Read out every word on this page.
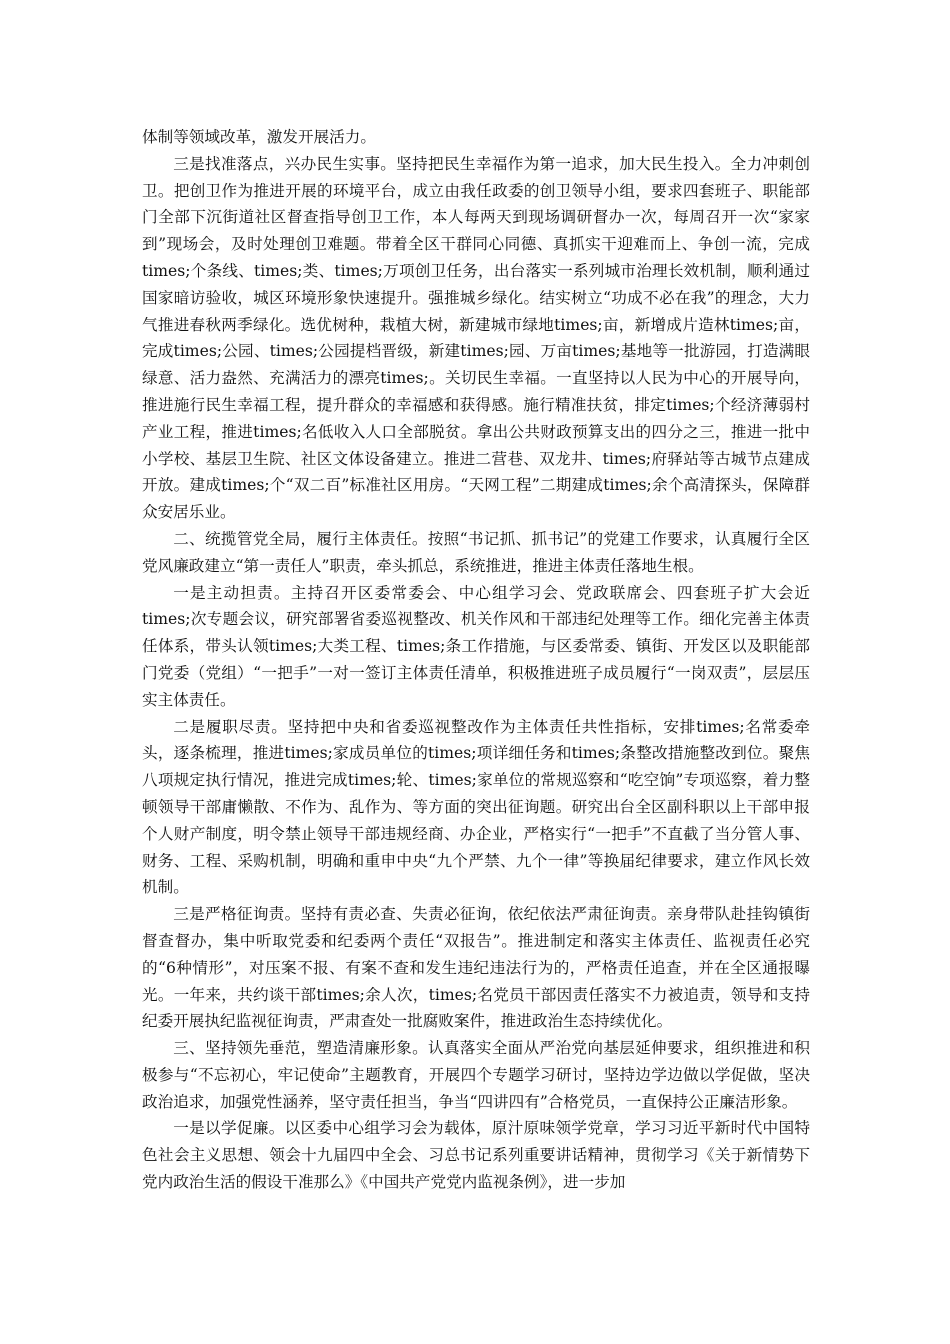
体制等领域改革，激发开展活力。

三是找准落点，兴办民生实事。坚持把民生幸福作为第一追求，加大民生投入。全力冲刺创卫。把创卫作为推进开展的环境平台，成立由我任政委的创卫领导小组，要求四套班子、职能部门全部下沉街道社区督查指导创卫工作，本人每两天到现场调研督办一次，每周召开一次“家家到”现场会，及时处理创卫难题。带着全区干群同心同德、真抓实干迎难而上、争创一流，完成times;个条线、times;类、times;万项创卫任务，出台落实一系列城市治理长效机制，顺利通过国家暗访验收，城区环境形象快速提升。强推城乡绿化。结实树立“功成不必在我”的理念，大力气推进春秋两季绿化。选优树种，栽植大树，新建城市绿地times;亩，新增成片造林times;亩，完成times;公园、times;公园提档晋级，新建times;园、万亩times;基地等一批游园，打造满眼绿意、活力盎然、充满活力的漂亮times;。关切民生幸福。一直坚持以人民为中心的开展导向，推进施行民生幸福工程，提升群众的幸福感和获得感。施行精准扶贫，排定times;个经济薄弱村产业工程，推进times;名低收入人口全部脱贫。拿出公共财政预算支出的四分之三，推进一批中小学校、基层卫生院、社区文体设备建立。推进二营巷、双龙井、times;府驿站等古城节点建成开放。建成times;个“双二百”标准社区用房。“天网工程”二期建成times;余个高清探头，保障群众安居乐业。

二、统揽管党全局，履行主体责任。按照“书记抓、抓书记”的党建工作要求，认真履行全区党风廉政建立“第一责任人”职责，牵头抓总，系统推进，推进主体责任落地生根。

一是主动担责。主持召开区委常委会、中心组学习会、党政联席会、四套班子扩大会近times;次专题会议，研究部署省委巡视整改、机关作风和干部违纪处理等工作。细化完善主体责任体系，带头认领times;大类工程、times;条工作措施，与区委常委、镇街、开发区以及职能部门党委（党组）“一把手”一对一签订主体责任清单，积极推进班子成员履行“一岗双责”，层层压实主体责任。

二是履职尽责。坚持把中央和省委巡视整改作为主体责任共性指标，安排times;名常委牵头，逐条梳理，推进times;家成员单位的times;项详细任务和times;条整改措施整改到位。聚焦八项规定执行情况，推进完成times;轮、times;家单位的常规巡察和“吃空饷”专项巡察，着力整顿领导干部庸懒散、不作为、乱作为、等方面的突出征询题。研究出台全区副科职以上干部申报个人财产制度，明令禁止领导干部违规经商、办企业，严格实行“一把手”不直截了当分管人事、财务、工程、采购机制，明确和重申中央“九个严禁、九个一律”等换届纪律要求，建立作风长效机制。

三是严格征询责。坚持有责必查、失责必征询，依纪依法严肃征询责。亲身带队赴挂钩镇街督查督办，集中听取党委和纪委两个责任“双报告”。推进制定和落实主体责任、监视责任必究的“6种情形”，对压案不报、有案不查和发生违纪违法行为的，严格责任追查，并在全区通报曝光。一年来，共约谈干部times;余人次，times;名党员干部因责任落实不力被追责，领导和支持纪委开展执纪监视征询责，严肃查处一批腐败案件，推进政治生态持续优化。

三、坚持领先垂范，塑造清廉形象。认真落实全面从严治党向基层延伸要求，组织推进和积极参与“不忘初心，牢记使命”主题教育，开展四个专题学习研讨，坚持边学边做以学促做，坚决政治追求，加强党性涵养，坚守责任担当，争当“四讲四有”合格党员，一直保持公正廉洁形象。

一是以学促廉。以区委中心组学习会为载体，原汁原味领学党章，学习习近平新时代中国特色社会主义思想、领会十九届四中全会、习总书记系列重要讲话精神，贯彻学习《关于新情势下党内政治生活的假设干准那么》《中国共产党党内监视条例》，进一步加
